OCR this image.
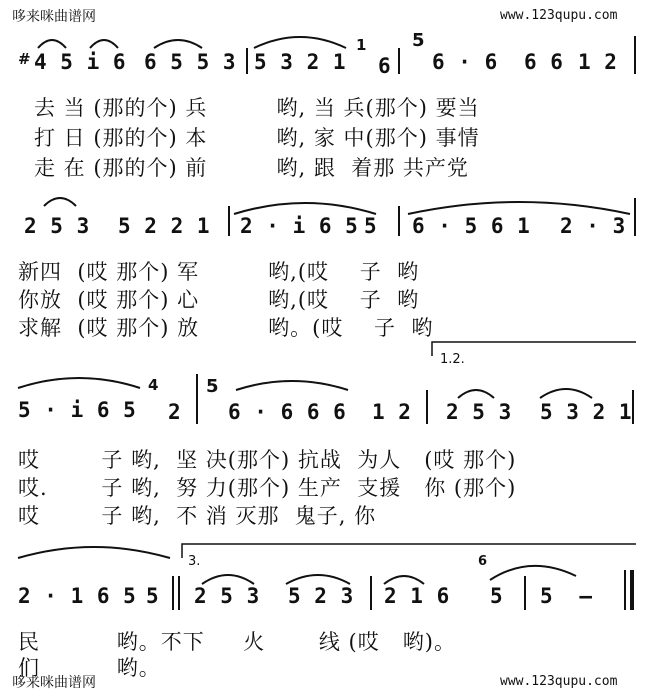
哆来咪曲谱网	www.123qupu.com
哆来咪曲谱网	www.123qupu.com
# 4 5 i 6 6 5 5 3 5 3 2 1
1
6
5
6 · 6  6 6 1 2
去 当 (那的个) 兵         哟, 当 兵(那个) 要当
打 日 (那的个) 本         哟, 家 中(那个) 事情
走 在 (那的个) 前         哟, 跟  着那 共产党
2 5 3 5 2 2 1 2 · i 6 5 5 6 · 5 6 1 2 · 3
新四  (哎 那个) 军         哟,(哎    子  哟
你放  (哎 那个) 心         哟,(哎    子  哟
求解  (哎 那个) 放         哟。(哎    子  哟
1.2.
5 · i 6 5
4
2
5
6 · 6 6 6 1 2 2 5 3 5 3 2 1
哎        子 哟,  坚 决(那个) 抗战  为人   (哎 那个)
哎.       子 哟,  努 力(那个) 生产  支援   你 (那个)
哎        子 哟,  不 消 灭那  鬼子, 你
3.
2 · 1 6 5 5 2 5 3 5 2 3 2 1 6
6
5 5  —
民          哟。不下     火       线 (哎   哟)。
们          哟。
